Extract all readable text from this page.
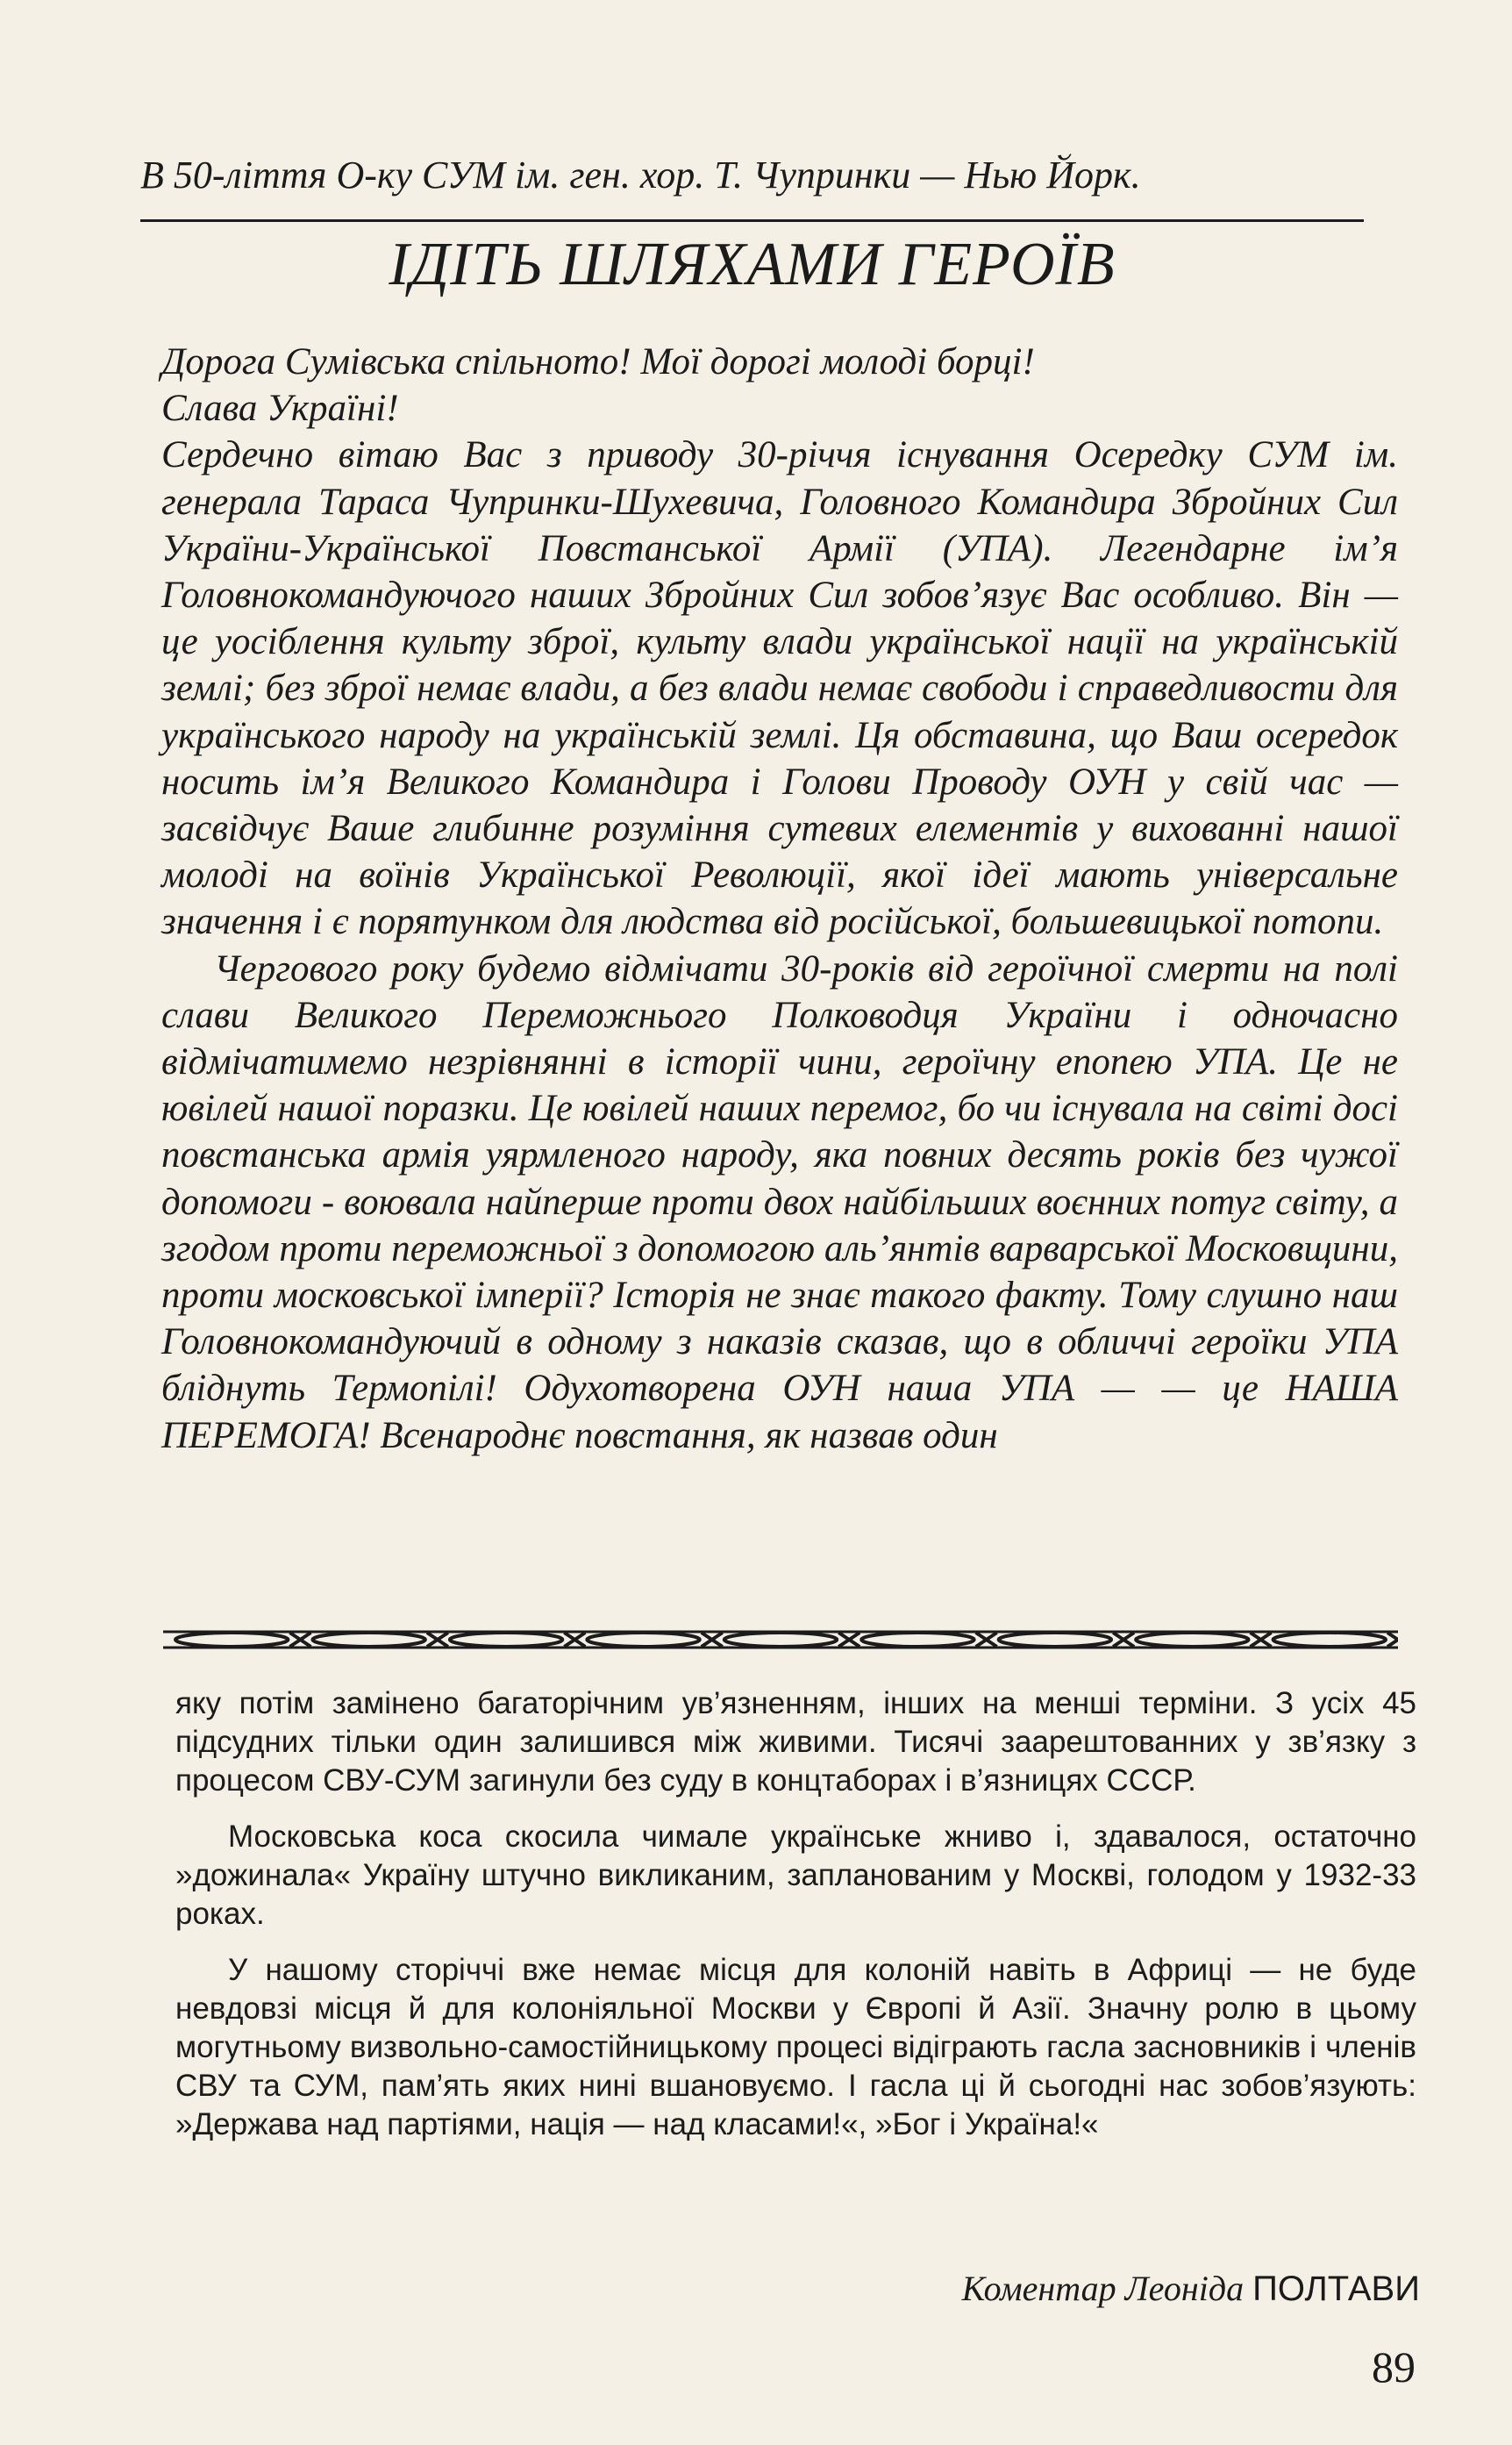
В 50-ліття О-ку СУМ ім. ген. хор. Т. Чупринки — Нью Йорк.
ІДІТЬ ШЛЯХАМИ ГЕРОЇВ

Дорога Сумівська спільното! Мої дорогі молоді борці!

Слава Україні!

Сердечно вітаю Вас з приводу 30-річчя існування Осередку СУМ ім. генерала Тараса Чупринки-Шухевича, Головного Командира Збройних Сил України-Української Повстанської Армії (УПА). Легендарне ім’я Головнокомандуючого наших Збройних Сил зобов’язує Вас особливо. Він — це уосіблення культу зброї, культу влади української нації на українській землі; без зброї немає влади, а без влади немає свободи і справедливости для українського народу на українській землі. Ця обставина, що Ваш осередок носить ім’я Великого Командира і Голови Проводу ОУН у свій час — засвідчує Ваше глибинне розуміння сутевих елементів у вихованні нашої молоді на воїнів Української Революції, якої ідеї мають універсальне значення і є порятунком для людства від російської, большевицької потопи.

Чергового року будемо відмічати 30-років від героїчної смерти на полі слави Великого Переможнього Полководця України і одночасно відмічатимемо незрівнянні в історії чини, героїчну епопею УПА. Це не ювілей нашої поразки. Це ювілей наших перемог, бо чи існувала на світі досі повстанська армія уярмленого народу, яка повних десять років без чужої допомоги - воювала найперше проти двох найбільших воєнних потуг світу, а згодом проти переможньої з допомогою аль’янтів варварської Московщини, проти московської імперії? Історія не знає такого факту. Тому слушно наш Головнокомандуючий в одному з наказів сказав, що в обличчі героїки УПА бліднуть Термопілі! Одухотворена ОУН наша УПА — — це НАША ПЕРЕМОГА! Всенароднє повстання, як назвав один

яку потім замінено багаторічним ув’язненням, інших на менші терміни. З усіх 45 підсудних тільки один залишився між живими. Тисячі заарештованних у зв’язку з процесом СВУ-СУМ загинули без суду в концтаборах і в’язницях СССР.

Московська коса скосила чимале українське жниво і, здавалося, остаточно »дожинала« Україну штучно викликаним, запланованим у Москві, голодом у 1932-33 роках.

У нашому сторіччі вже немає місця для колоній навіть в Африці — не буде невдовзі місця й для колоніяльної Москви у Європі й Азії. Значну ролю в цьому могутньому визвольно-самостійницькому процесі відіграють гасла засновників і членів СВУ та СУМ, пам’ять яких нині вшановуємо. І гасла ці й сьогодні нас зобов’язують: »Держава над партіями, нація — над класами!«, »Бог і Україна!«

Коментар Леоніда ПОЛТАВИ
89
